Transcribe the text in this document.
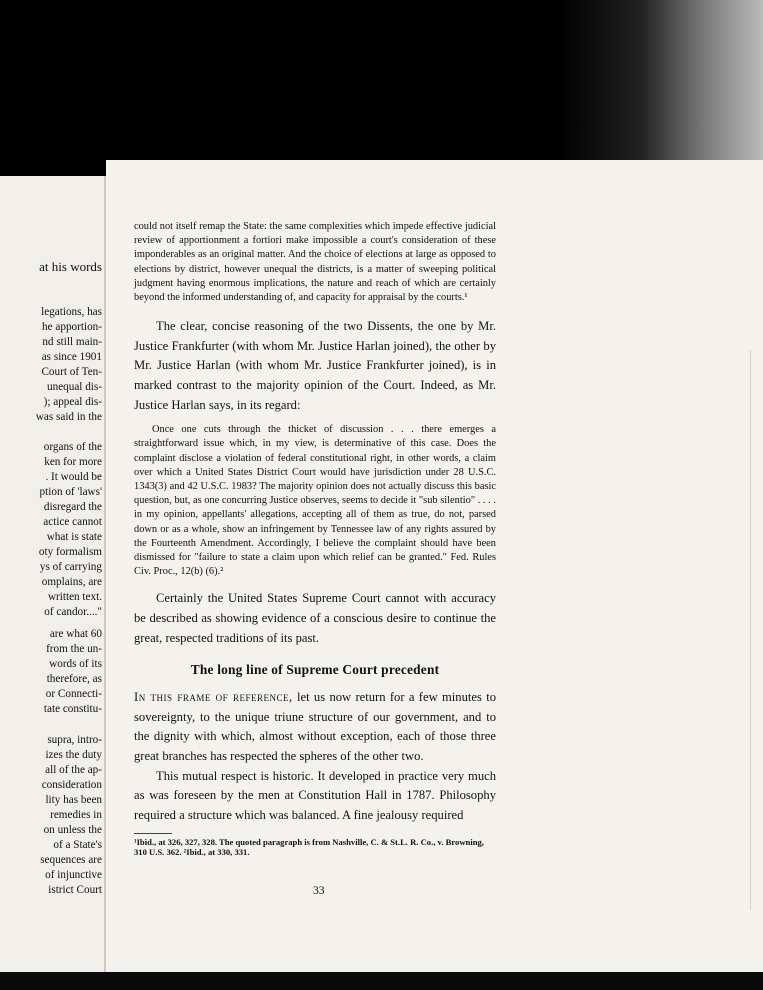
at his words
legations, has
he apportion-
nd still main-
as since 1901
Court of Ten-
unequal dis-
); appeal dis-
was said in the
organs of the
ken for more
. It would be
ption of 'laws'
disregard the
actice cannot
what is state
oty formalism
ys of carrying
omplains, are
written text.
of candor...."
are what 60
from the un-
words of its
therefore, as
or Connecti-
tate constitu-
supra, intro-
izes the duty
all of the ap-
consideration
lity has been
remedies in
on unless the
of a State's
sequences are
of injunctive
istrict Court

could not itself remap the State: the same complexities which impede effective judicial review of apportionment a fortiori make impossible a court's consideration of these imponderables as an original matter. And the choice of elections at large as opposed to elections by district, however unequal the districts, is a matter of sweeping political judgment having enormous implications, the nature and reach of which are certainly beyond the informed understanding of, and capacity for appraisal by the courts.¹

The clear, concise reasoning of the two Dissents, the one by Mr. Justice Frankfurter (with whom Mr. Justice Harlan joined), the other by Mr. Justice Harlan (with whom Mr. Justice Frankfurter joined), is in marked contrast to the majority opinion of the Court. Indeed, as Mr. Justice Harlan says, in its regard:

Once one cuts through the thicket of discussion . . . there emerges a straightforward issue which, in my view, is determinative of this case. Does the complaint disclose a violation of federal constitutional right, in other words, a claim over which a United States District Court would have jurisdiction under 28 U.S.C. 1343(3) and 42 U.S.C. 1983? The majority opinion does not actually discuss this basic question, but, as one concurring Justice observes, seems to decide it "sub silentio" . . . . in my opinion, appellants' allegations, accepting all of them as true, do not, parsed down or as a whole, show an infringement by Tennessee law of any rights assured by the Fourteenth Amendment. Accordingly, I believe the complaint should have been dismissed for "failure to state a claim upon which relief can be granted." Fed. Rules Civ. Proc., 12(b) (6).²

Certainly the United States Supreme Court cannot with accuracy be described as showing evidence of a conscious desire to continue the great, respected traditions of its past.

The long line of Supreme Court precedent

In this frame of reference, let us now return for a few minutes to sovereignty, to the unique triune structure of our government, and to the dignity with which, almost without exception, each of those three great branches has respected the spheres of the other two.

This mutual respect is historic. It developed in practice very much as was foreseen by the men at Constitution Hall in 1787. Philosophy required a structure which was balanced. A fine jealousy required

¹Ibid., at 326, 327, 328. The quoted paragraph is from Nashville, C. & St.L. R. Co., v. Browning, 310 U.S. 362. ²Ibid., at 330, 331.
33
